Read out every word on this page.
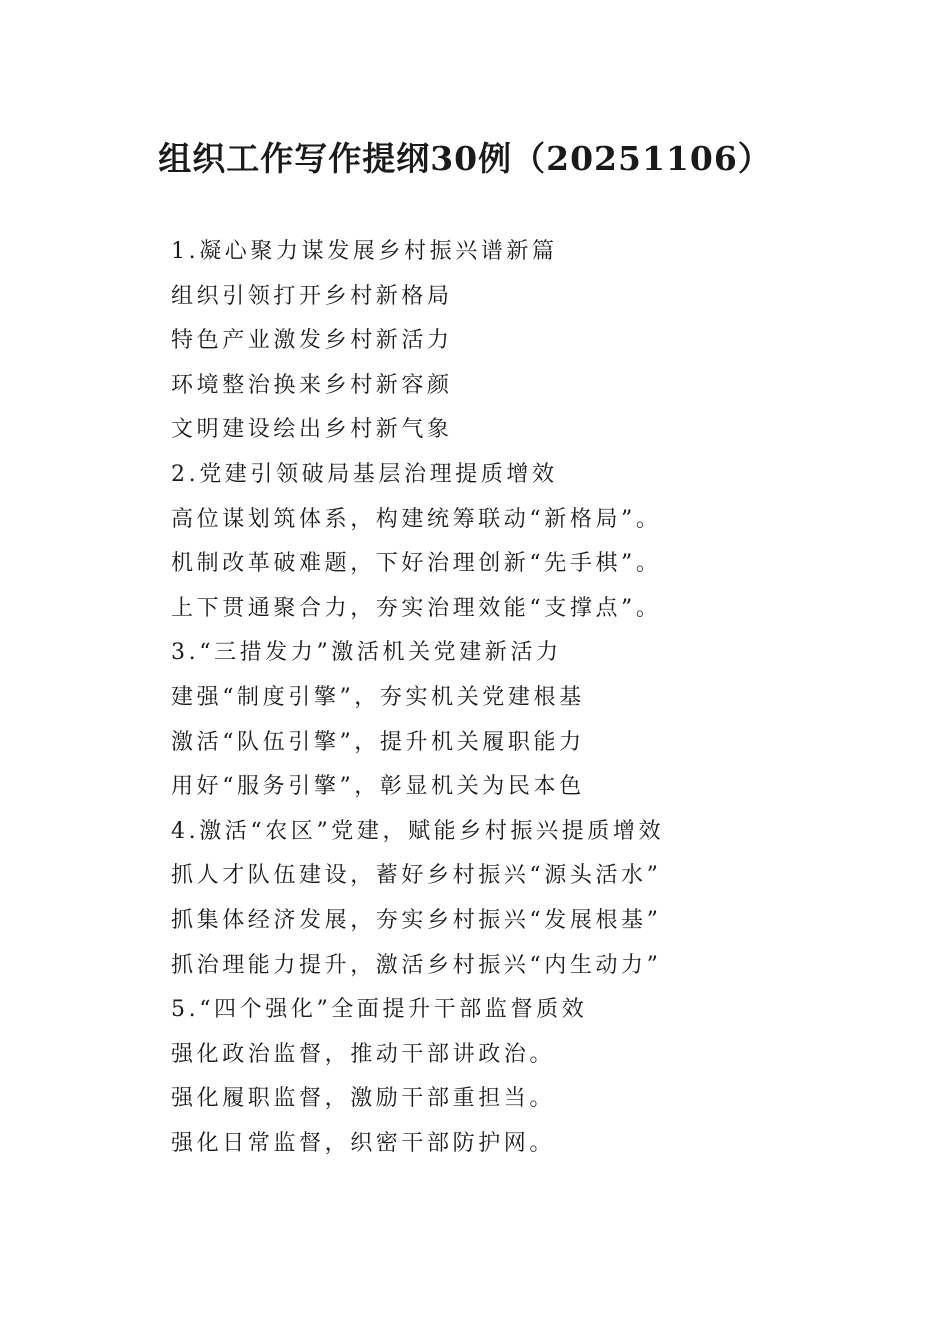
组织工作写作提纲30例（20251106）
1.凝心聚力谋发展乡村振兴谱新篇
组织引领打开乡村新格局
特色产业激发乡村新活力
环境整治换来乡村新容颜
文明建设绘出乡村新气象
2.党建引领破局基层治理提质增效
高位谋划筑体系，构建统筹联动“新格局”。
机制改革破难题，下好治理创新“先手棋”。
上下贯通聚合力，夯实治理效能“支撑点”。
3.“三措发力”激活机关党建新活力
建强“制度引擎”，夯实机关党建根基
激活“队伍引擎”，提升机关履职能力
用好“服务引擎”，彰显机关为民本色
4.激活“农区”党建，赋能乡村振兴提质增效
抓人才队伍建设，蓄好乡村振兴“源头活水”
抓集体经济发展，夯实乡村振兴“发展根基”
抓治理能力提升，激活乡村振兴“内生动力”
5.“四个强化”全面提升干部监督质效
强化政治监督，推动干部讲政治。
强化履职监督，激励干部重担当。
强化日常监督，织密干部防护网。
